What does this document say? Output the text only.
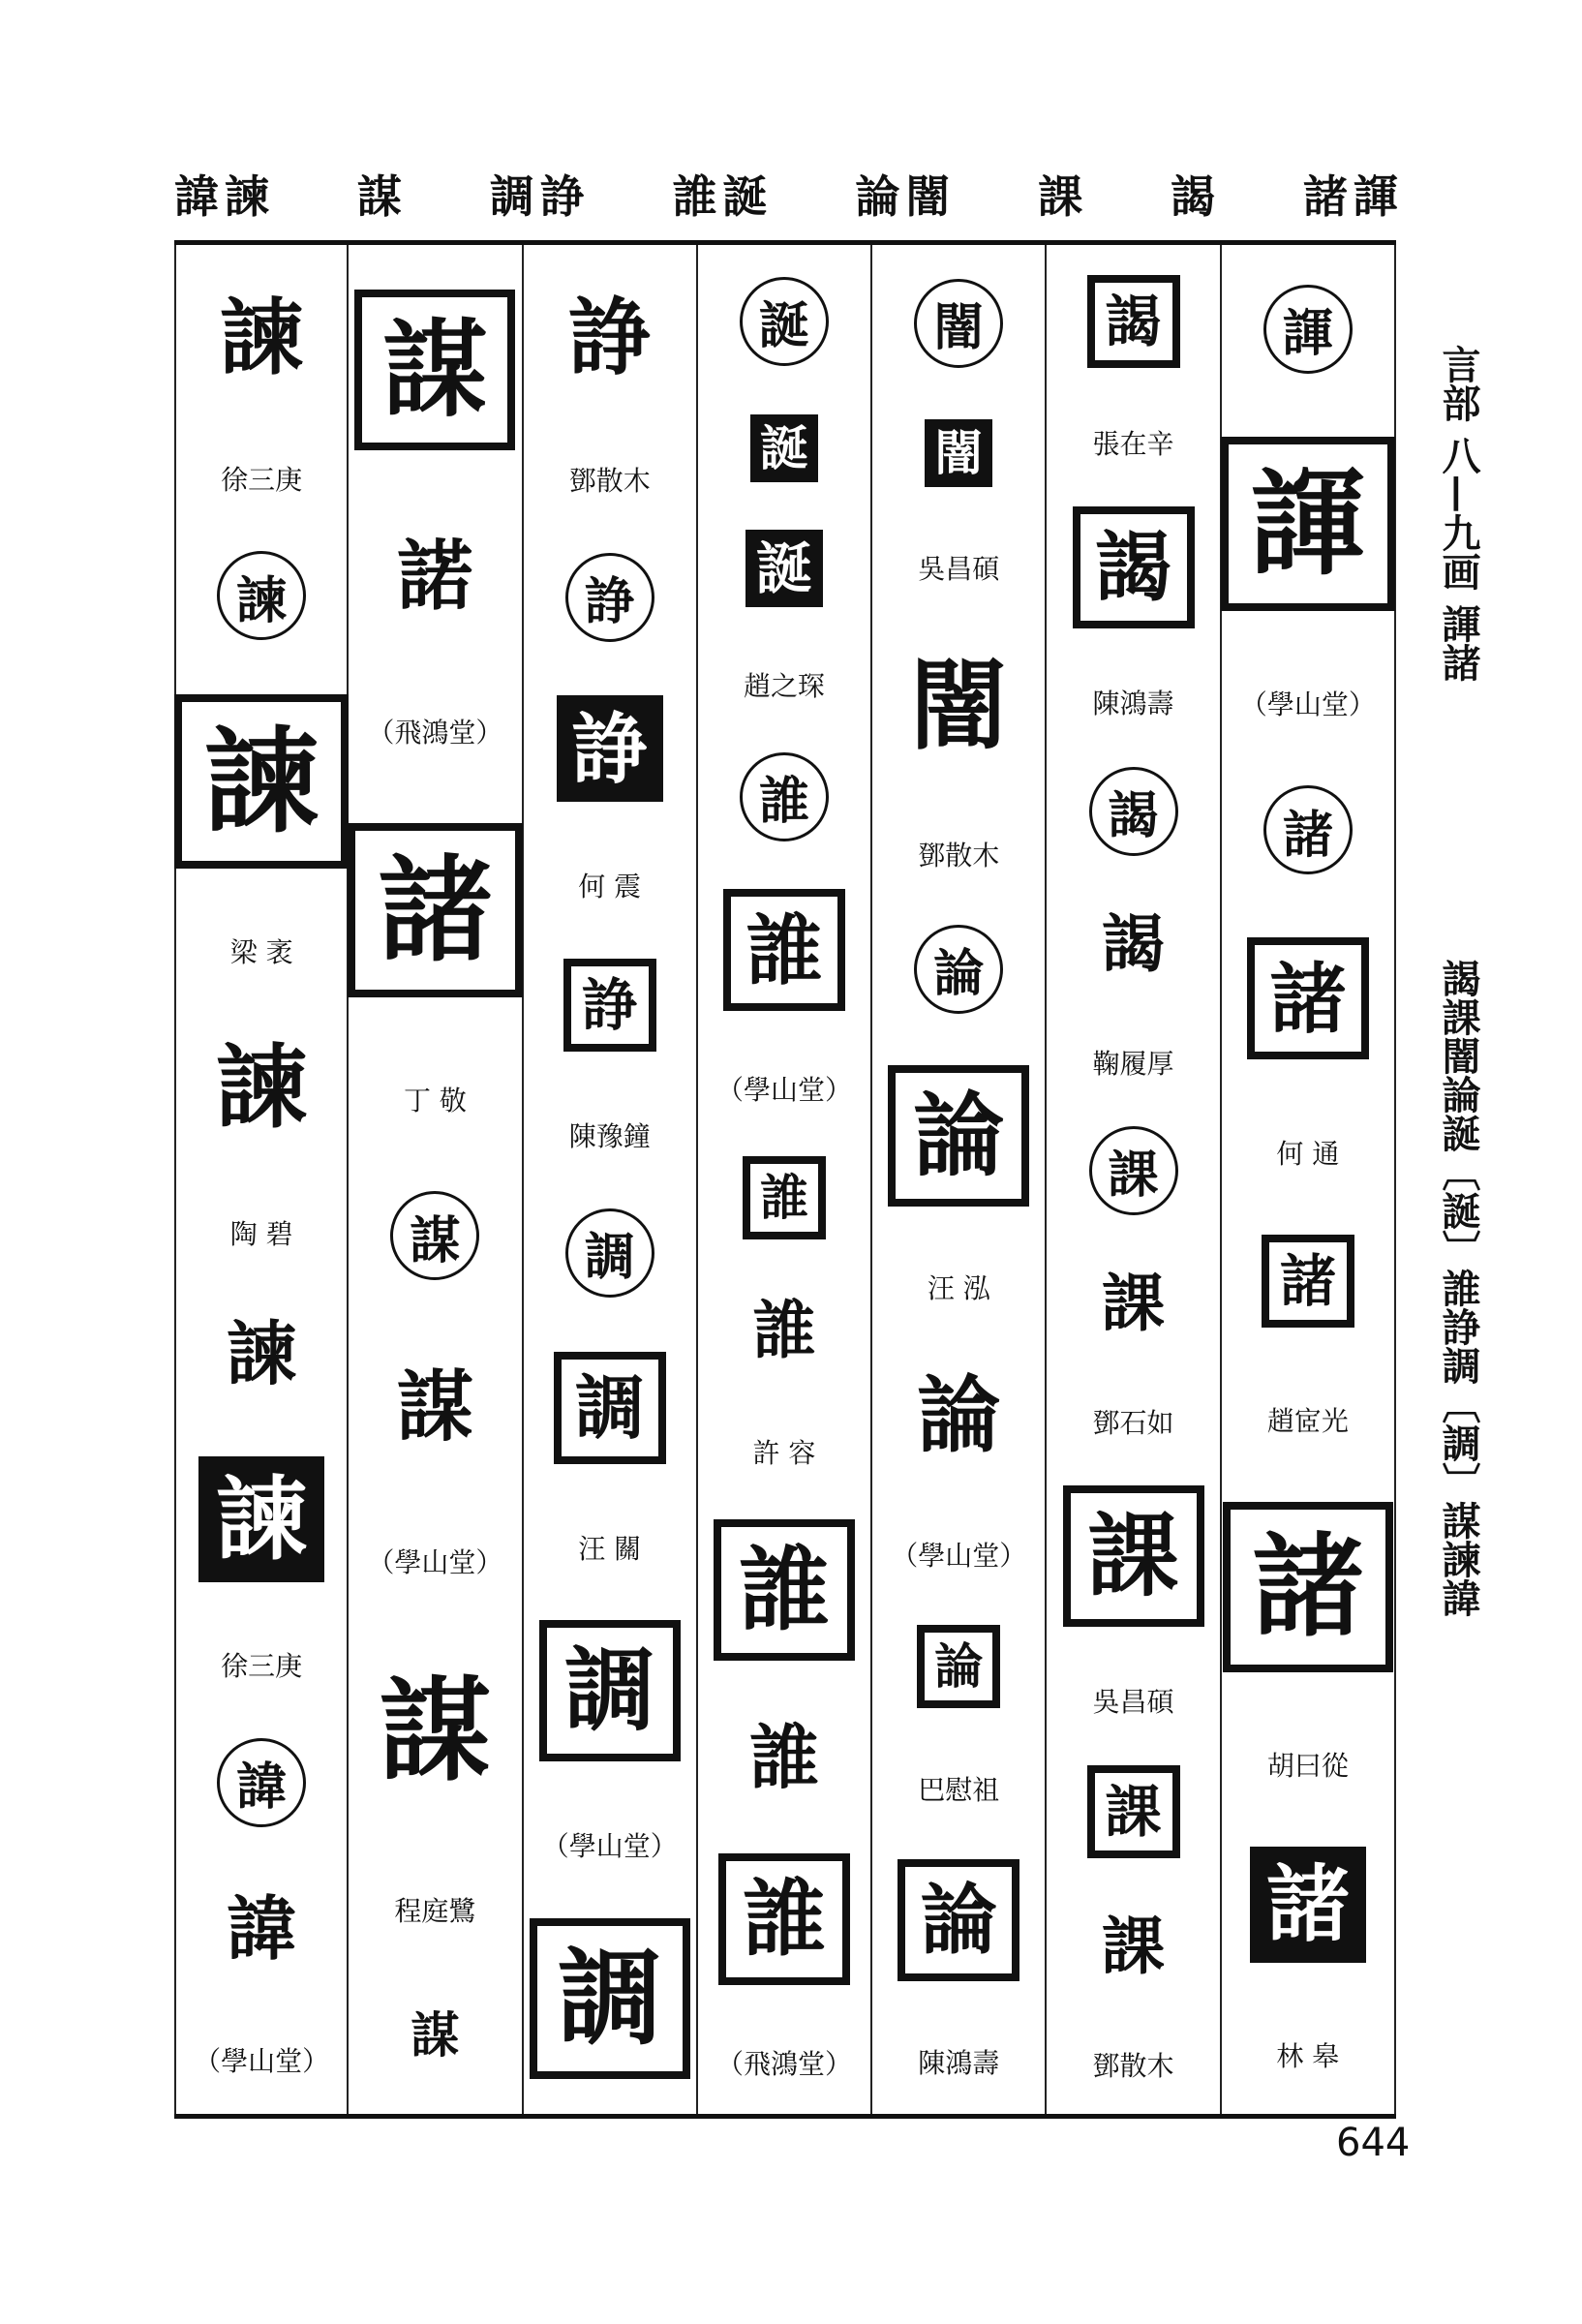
諱諫 謀 調諍 誰誕 論闇 課 謁 諸諢
諫
徐三庚
諫
諫
梁 袤
諫
陶 碧
諫
諫
徐三庚
諱
諱
（學山堂）
謀
諾
（飛鴻堂）
諸
丁 敬
謀
謀
（學山堂）
謀
程庭鷺
謀
諍
鄧散木
諍
諍
何 震
諍
陳豫鐘
調
調
汪 關
調
（學山堂）
調
誕
誕
誕
趙之琛
誰
誰
（學山堂）
誰
誰
許 容
誰
誰
誰
（飛鴻堂）
闇
闇
吳昌碩
闇
鄧散木
論
論
汪 泓
論
（學山堂）
論
巴慰祖
論
陳鴻壽
謁
張在辛
謁
陳鴻壽
謁
謁
鞠履厚
課
課
鄧石如
課
吳昌碩
課
課
鄧散木
諢
諢
（學山堂）
諸
諸
何 通
諸
趙宧光
諸
胡曰從
諸
林 皋
言部 八—九画 諢諸
謁課闇論誕〔誕〕誰諍調〔調〕謀諫諱
644
